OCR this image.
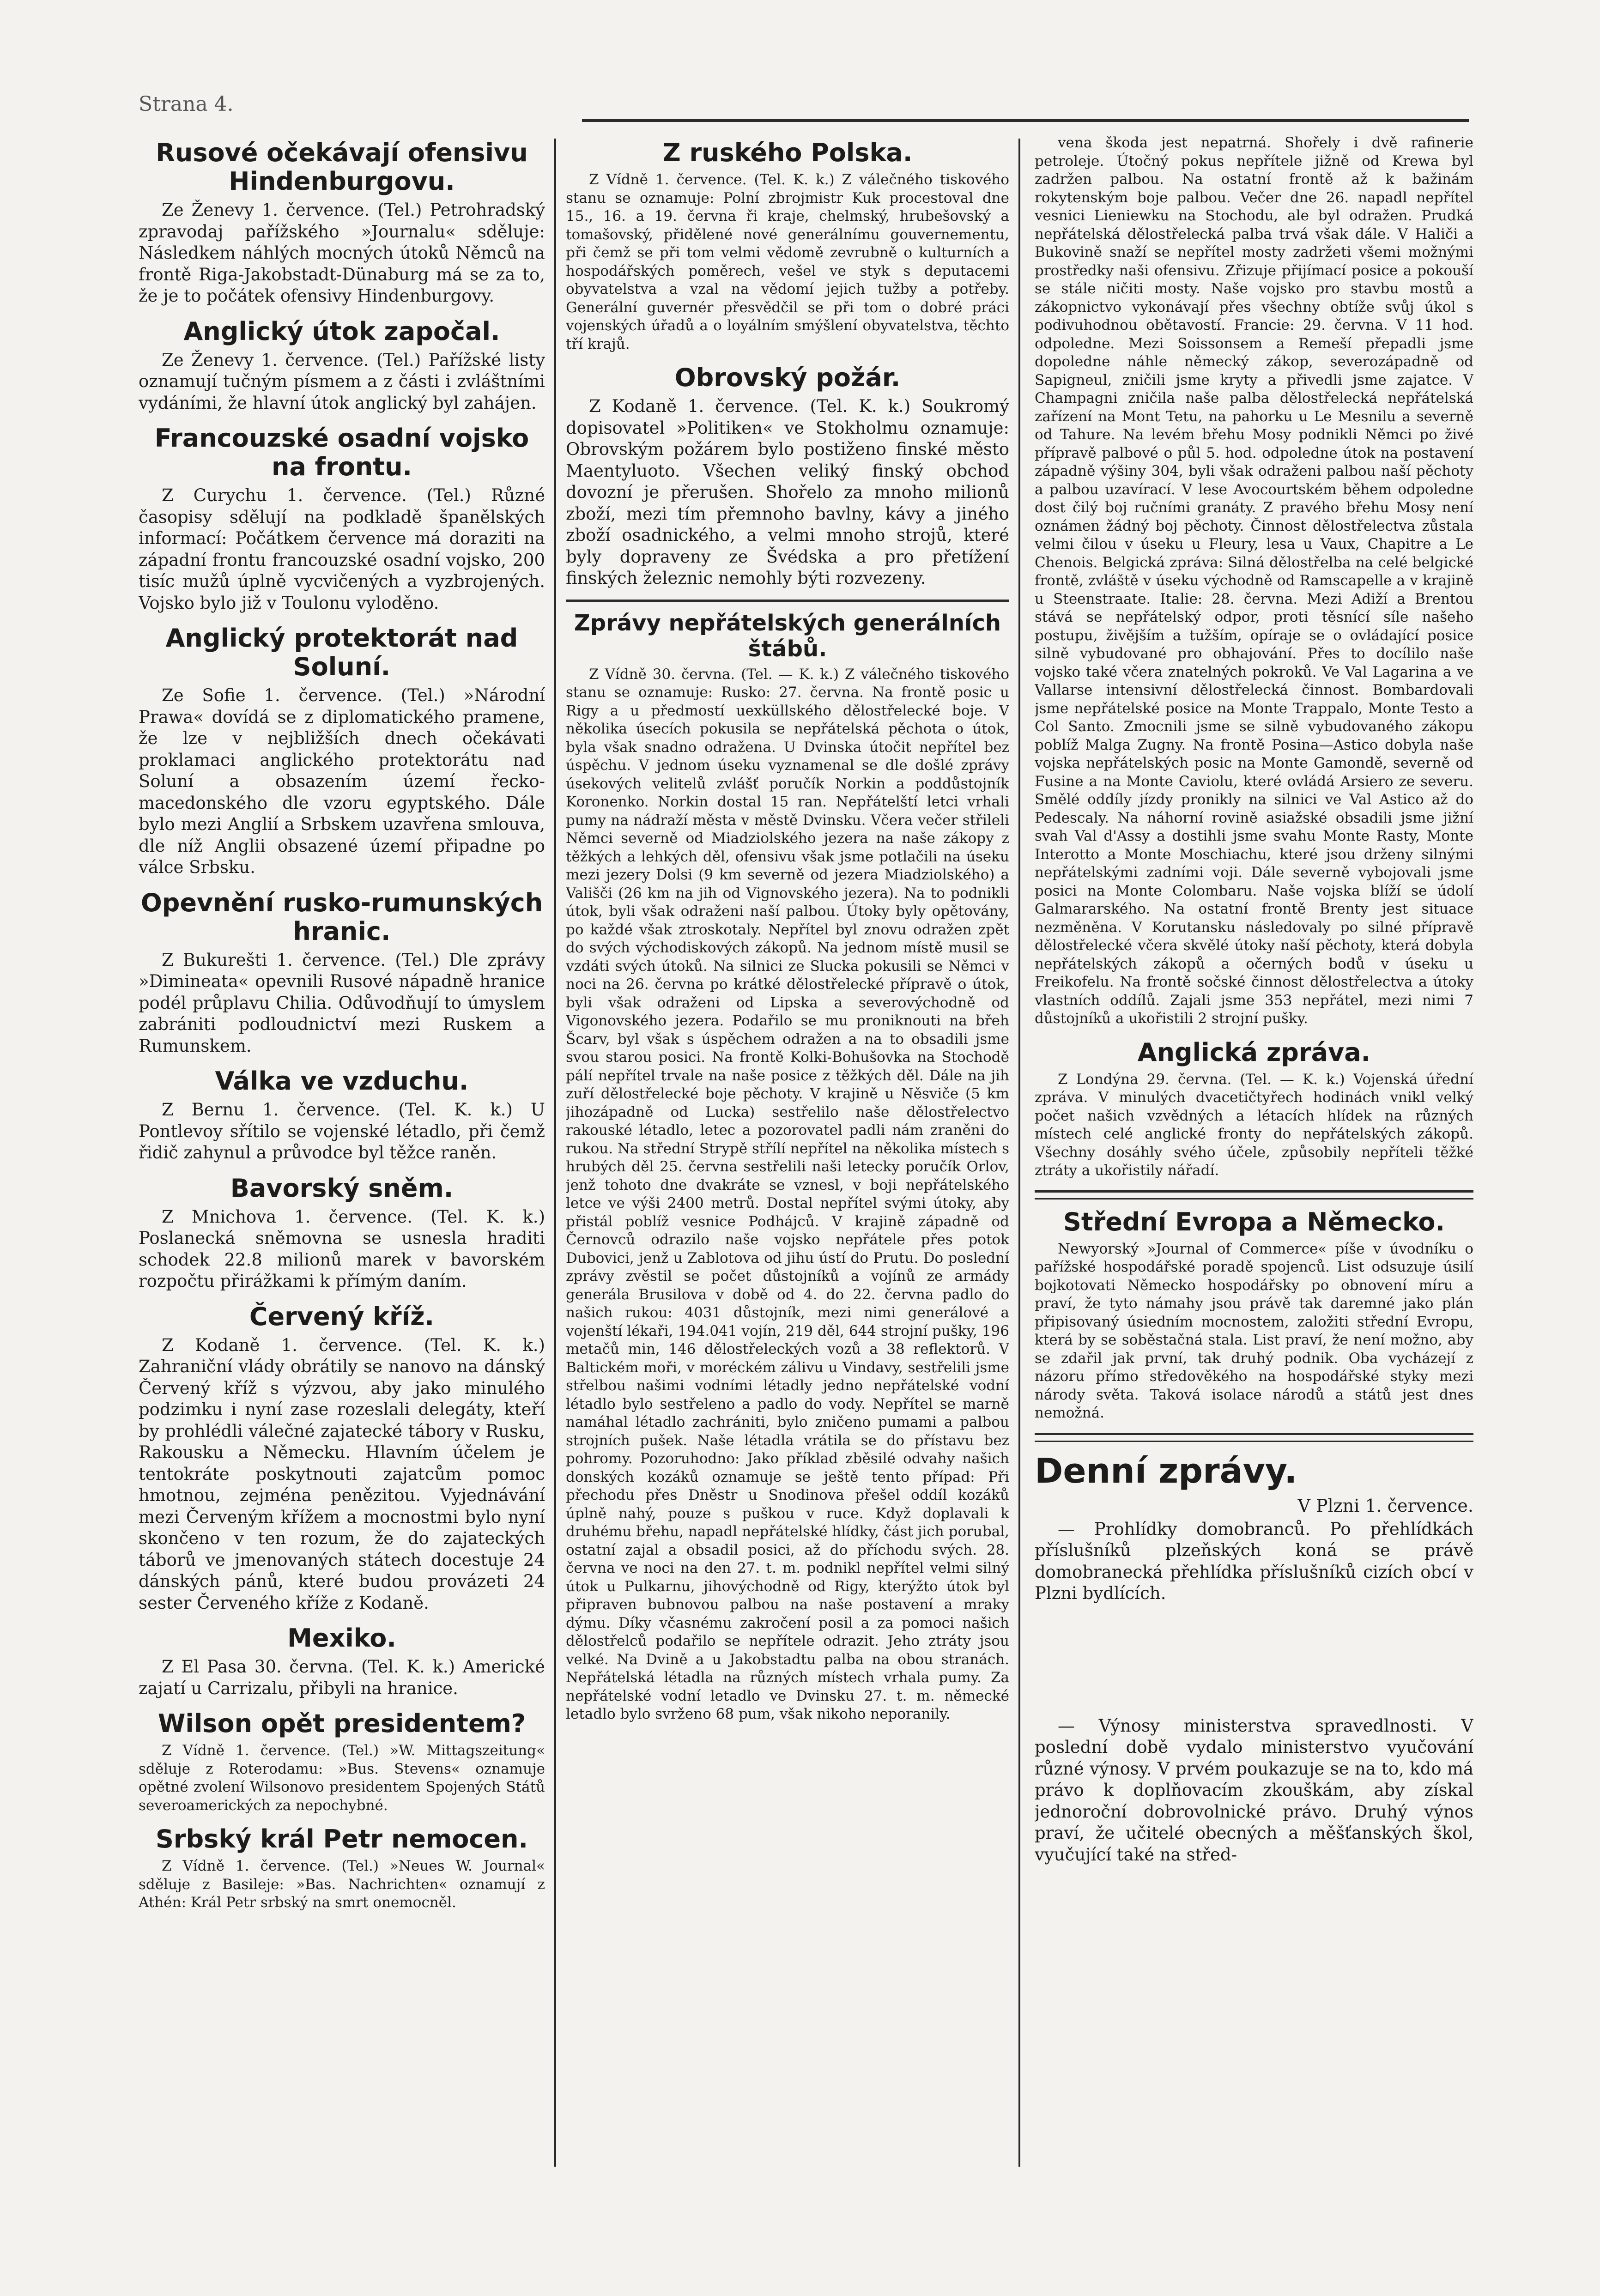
Strana 4.
Rusové očekávají ofensivu Hindenburgovu.

Ze Ženevy 1. července. (Tel.) Petrohradský zpravodaj pařížského »Journalu« sděluje: Následkem náhlých mocných útoků Němců na frontě Riga-Jakobstadt-Dünaburg má se za to, že je to počátek ofensivy Hindenburgovy.

Anglický útok započal.

Ze Ženevy 1. července. (Tel.) Pařížské listy oznamují tučným písmem a z části i zvláštními vydáními, že hlavní útok anglický byl zahájen.

Francouzské osadní vojsko na frontu.

Z Curychu 1. července. (Tel.) Různé časopisy sdělují na podkladě španělských informací: Počátkem července má doraziti na západní frontu francouzské osadní vojsko, 200 tisíc mužů úplně vycvičených a vyzbrojených. Vojsko bylo již v Toulonu vyloděno.

Anglický protektorát nad Soluní.

Ze Sofie 1. července. (Tel.) »Národní Prawa« dovídá se z diplomatického pramene, že lze v nejbližších dnech očekávati proklamaci anglického protektorátu nad Soluní a obsazením území řecko-macedonského dle vzoru egyptského. Dále bylo mezi Anglií a Srbskem uzavřena smlouva, dle níž Anglii obsazené území připadne po válce Srbsku.

Opevnění rusko-rumunských hranic.

Z Bukurešti 1. července. (Tel.) Dle zprávy »Dimineata« opevnili Rusové nápadně hranice podél průplavu Chilia. Odůvodňují to úmyslem zabrániti podloudnictví mezi Ruskem a Rumunskem.

Válka ve vzduchu.

Z Bernu 1. července. (Tel. K. k.) U Pontlevoy sřítilo se vojenské létadlo, při čemž řidič zahynul a průvodce byl těžce raněn.

Bavorský sněm.

Z Mnichova 1. července. (Tel. K. k.) Poslanecká sněmovna se usnesla hraditi schodek 22.8 milionů marek v bavorském rozpočtu přirážkami k přímým daním.

Červený kříž.

Z Kodaně 1. července. (Tel. K. k.) Zahraniční vlády obrátily se nanovo na dánský Červený kříž s výzvou, aby jako minulého podzimku i nyní zase rozeslali delegáty, kteří by prohlédli válečné zajatecké tábory v Rusku, Rakousku a Německu. Hlavním účelem je tentokráte poskytnouti zajatcům pomoc hmotnou, zejména penězitou. Vyjednávání mezi Červeným křížem a mocnostmi bylo nyní skončeno v ten rozum, že do zajateckých táborů ve jmenovaných státech docestuje 24 dánských pánů, které budou provázeti 24 sester Červeného kříže z Kodaně.

Mexiko.

Z El Pasa 30. června. (Tel. K. k.) Americké zajatí u Carrizalu, přibyli na hranice.

Wilson opět presidentem?

Z Vídně 1. července. (Tel.) »W. Mittagszeitung« sděluje z Roterodamu: »Bus. Stevens« oznamuje opětné zvolení Wilsonovo presidentem Spojených Států severoamerických za nepochybné.

Srbský král Petr nemocen.

Z Vídně 1. července. (Tel.) »Neues W. Journal« sděluje z Basileje: »Bas. Nachrichten« oznamují z Athén: Král Petr srbský na smrt onemocněl.

Z ruského Polska.

Z Vídně 1. července. (Tel. K. k.) Z válečného tiskového stanu se oznamuje: Polní zbrojmistr Kuk procestoval dne 15., 16. a 19. června ři kraje, chelmský, hrubešovský a tomašovský, přidělené nové generálnímu gouvernementu, při čemž se při tom velmi vědomě zevrubně o kulturních a hospodářských poměrech, vešel ve styk s deputacemi obyvatelstva a vzal na vědomí jejich tužby a potřeby. Generální guvernér přesvědčil se při tom o dobré práci vojenských úřadů a o loyálním smýšlení obyvatelstva, těchto tří krajů.

Obrovský požár.

Z Kodaně 1. července. (Tel. K. k.) Soukromý dopisovatel »Politiken« ve Stokholmu oznamuje: Obrovským požárem bylo postiženo finské město Maentyluoto. Všechen veliký finský obchod dovozní je přerušen. Shořelo za mnoho milionů zboží, mezi tím přemnoho bavlny, kávy a jiného zboží osadnického, a velmi mnoho strojů, které byly dopraveny ze Švédska a pro přetížení finských železnic nemohly býti rozvezeny.

Zprávy nepřátelských generálních štábů.

Z Vídně 30. června. (Tel. — K. k.) Z válečného tiskového stanu se oznamuje: Rusko: 27. června. Na frontě posic u Rigy a u předmostí uexküllského dělostřelecké boje. V několika úsecích pokusila se nepřátelská pěchota o útok, byla však snadno odražena. U Dvinska útočit nepřítel bez úspěchu. V jednom úseku vyznamenal se dle došlé zprávy úsekových velitelů zvlášť poručík Norkin a poddůstojník Koronenko. Norkin dostal 15 ran. Nepřátelští letci vrhali pumy na nádraží města v městě Dvinsku. Včera večer střileli Němci severně od Miadziolského jezera na naše zákopy z těžkých a lehkých děl, ofensivu však jsme potlačili na úseku mezi jezery Dolsi (9 km severně od jezera Miadziolského) a Vališči (26 km na jih od Vignovského jezera). Na to podnikli útok, byli však odraženi naší palbou. Útoky byly opětovány, po každé však ztroskotaly. Nepřítel byl znovu odražen zpět do svých východiskových zákopů. Na jednom místě musil se vzdáti svých útoků. Na silnici ze Slucka pokusili se Němci v noci na 26. června po krátké dělostřelecké přípravě o útok, byli však odraženi od Lipska a severovýchodně od Vigonovského jezera. Podařilo se mu proniknouti na břeh Šcarv, byl však s úspěchem odražen a na to obsadili jsme svou starou posici. Na frontě Kolki-Bohušovka na Stochodě pálí nepřítel trvale na naše posice z těžkých děl. Dále na jih zuří dělostřelecké boje pěchoty. V krajině u Něsviče (5 km jihozápadně od Lucka) sestřelilo naše dělostřelectvo rakouské létadlo, letec a pozorovatel padli nám zraněni do rukou. Na střední Strypě střílí nepřítel na několika místech s hrubých děl 25. června sestřelili naši letecky poručík Orlov, jenž tohoto dne dvakráte se vznesl, v boji nepřátelského letce ve výši 2400 metrů. Dostal nepřítel svými útoky, aby přistál poblíž vesnice Podhájců. V krajině západně od Černovců odrazilo naše vojsko nepřátele přes potok Dubovici, jenž u Zablotova od jihu ústí do Prutu. Do poslední zprávy zvěstil se počet důstojníků a vojínů ze armády generála Brusilova v době od 4. do 22. června padlo do našich rukou: 4031 důstojník, mezi nimi generálové a vojenští lékaři, 194.041 vojín, 219 děl, 644 strojní pušky, 196 metačů min, 146 dělostřeleckých vozů a 38 reflektorů. V Baltickém moři, v moréckém zálivu u Vindavy, sestřelili jsme střelbou našimi vodními létadly jedno nepřátelské vodní létadlo bylo sestřeleno a padlo do vody. Nepřítel se marně namáhal létadlo zachrániti, bylo zničeno pumami a palbou strojních pušek. Naše létadla vrátila se do přístavu bez pohromy. Pozoruhodno: Jako příklad zběsilé odvahy našich donských kozáků oznamuje se ještě tento případ: Při přechodu přes Dněstr u Snodinova přešel oddíl kozáků úplně nahý, pouze s puškou v ruce. Když doplavali k druhému břehu, napadl nepřátelské hlídky, část jich porubal, ostatní zajal a obsadil posici, až do příchodu svých. 28. června ve noci na den 27. t. m. podnikl nepřítel velmi silný útok u Pulkarnu, jihovýchodně od Rigy, kterýžto útok byl připraven bubnovou palbou na naše postavení a mraky dýmu. Díky včasnému zakročení posil a za pomoci našich dělostřelců podařilo se nepřítele odrazit. Jeho ztráty jsou velké. Na Dvině a u Jakobstadtu palba na obou stranách. Nepřátelská létadla na různých místech vrhala pumy. Za nepřátelské vodní letadlo ve Dvinsku 27. t. m. německé letadlo bylo svrženo 68 pum, však nikoho neporanily.

vena škoda jest nepatrná. Shořely i dvě rafinerie petroleje. Útočný pokus nepřítele jižně od Krewa byl zadržen palbou. Na ostatní frontě až k bažinám rokytenským boje palbou. Večer dne 26. napadl nepřítel vesnici Lieniewku na Stochodu, ale byl odražen. Prudká nepřátelská dělostřelecká palba trvá však dále. V Haliči a Bukovině snaží se nepřítel mosty zadržeti všemi možnými prostředky naši ofensivu. Zřizuje přijímací posice a pokouší se stále ničiti mosty. Naše vojsko pro stavbu mostů a zákopnictvo vykonávají přes všechny obtíže svůj úkol s podivuhodnou obětavostí. Francie: 29. června. V 11 hod. odpoledne. Mezi Soissonsem a Remeší přepadli jsme dopoledne náhle německý zákop, severozápadně od Sapigneul, zničili jsme kryty a přivedli jsme zajatce. V Champagni zničila naše palba dělostřelecká nepřátelská zařízení na Mont Tetu, na pahorku u Le Mesnilu a severně od Tahure. Na levém břehu Mosy podnikli Němci po živé přípravě palbové o půl 5. hod. odpoledne útok na postavení západně výšiny 304, byli však odraženi palbou naší pěchoty a palbou uzavírací. V lese Avocourtském během odpoledne dost čilý boj ručními granáty. Z pravého břehu Mosy není oznámen žádný boj pěchoty. Činnost dělostřelectva zůstala velmi čilou v úseku u Fleury, lesa u Vaux, Chapitre a Le Chenois. Belgická zpráva: Silná dělostřelba na celé belgické frontě, zvláště v úseku východně od Ramscapelle a v krajině u Steenstraate. Italie: 28. června. Mezi Adiží a Brentou stává se nepřátelský odpor, proti těsnící síle našeho postupu, živějším a tužším, opíraje se o ovládající posice silně vybudované pro obhajování. Přes to docílilo naše vojsko také včera znatelných pokroků. Ve Val Lagarina a ve Vallarse intensivní dělostřelecká činnost. Bombardovali jsme nepřátelské posice na Monte Trappalo, Monte Testo a Col Santo. Zmocnili jsme se silně vybudovaného zákopu poblíž Malga Zugny. Na frontě Posina—Astico dobyla naše vojska nepřátelských posic na Monte Gamondě, severně od Fusine a na Monte Caviolu, které ovládá Arsiero ze severu. Smělé oddíly jízdy pronikly na silnici ve Val Astico až do Pedescaly. Na náhorní rovině asiažské obsadili jsme jižní svah Val d'Assy a dostihli jsme svahu Monte Rasty, Monte Interotto a Monte Moschiachu, které jsou drženy silnými nepřátelskými zadními voji. Dále severně vybojovali jsme posici na Monte Colombaru. Naše vojska blíží se údolí Galmararského. Na ostatní frontě Brenty jest situace nezměněna. V Korutansku následovaly po silné přípravě dělostřelecké včera skvělé útoky naší pěchoty, která dobyla nepřátelských zákopů a očerných bodů v úseku u Freikofelu. Na frontě sočské činnost dělostřelectva a útoky vlastních oddílů. Zajali jsme 353 nepřátel, mezi nimi 7 důstojníků a ukořistili 2 strojní pušky.

Anglická zpráva.

Z Londýna 29. června. (Tel. — K. k.) Vojenská úřední zpráva. V minulých dvacetičtyřech hodinách vnikl velký počet našich vzvědných a létacích hlídek na různých místech celé anglické fronty do nepřátelských zákopů. Všechny dosáhly svého účele, způsobily nepříteli těžké ztráty a ukořistily nářadí.

Střední Evropa a Německo.

Newyorský »Journal of Commerce« píše v úvodníku o pařížské hospodářské poradě spojenců. List odsuzuje úsilí bojkotovati Německo hospodářsky po obnovení míru a praví, že tyto námahy jsou právě tak daremné jako plán připisovaný úsiedním mocnostem, založiti střední Evropu, která by se soběstačná stala. List praví, že není možno, aby se zdařil jak první, tak druhý podnik. Oba vycházejí z názoru přímo středověkého na hospodářské styky mezi národy světa. Taková isolace národů a států jest dnes nemožná.

Denní zprávy.
V Plzni 1. července.

— Prohlídky domobranců. Po přehlídkách příslušníků plzeňských koná se právě domobranecká přehlídka příslušníků cizích obcí v Plzni bydlících.

— Výnosy ministerstva spravedlnosti. V poslední době vydalo ministerstvo vyučování různé výnosy. V prvém poukazuje se na to, kdo má právo k doplňovacím zkouškám, aby získal jednoroční dobrovolnické právo. Druhý výnos praví, že učitelé obecných a měšťanských škol, vyučující také na střed-
